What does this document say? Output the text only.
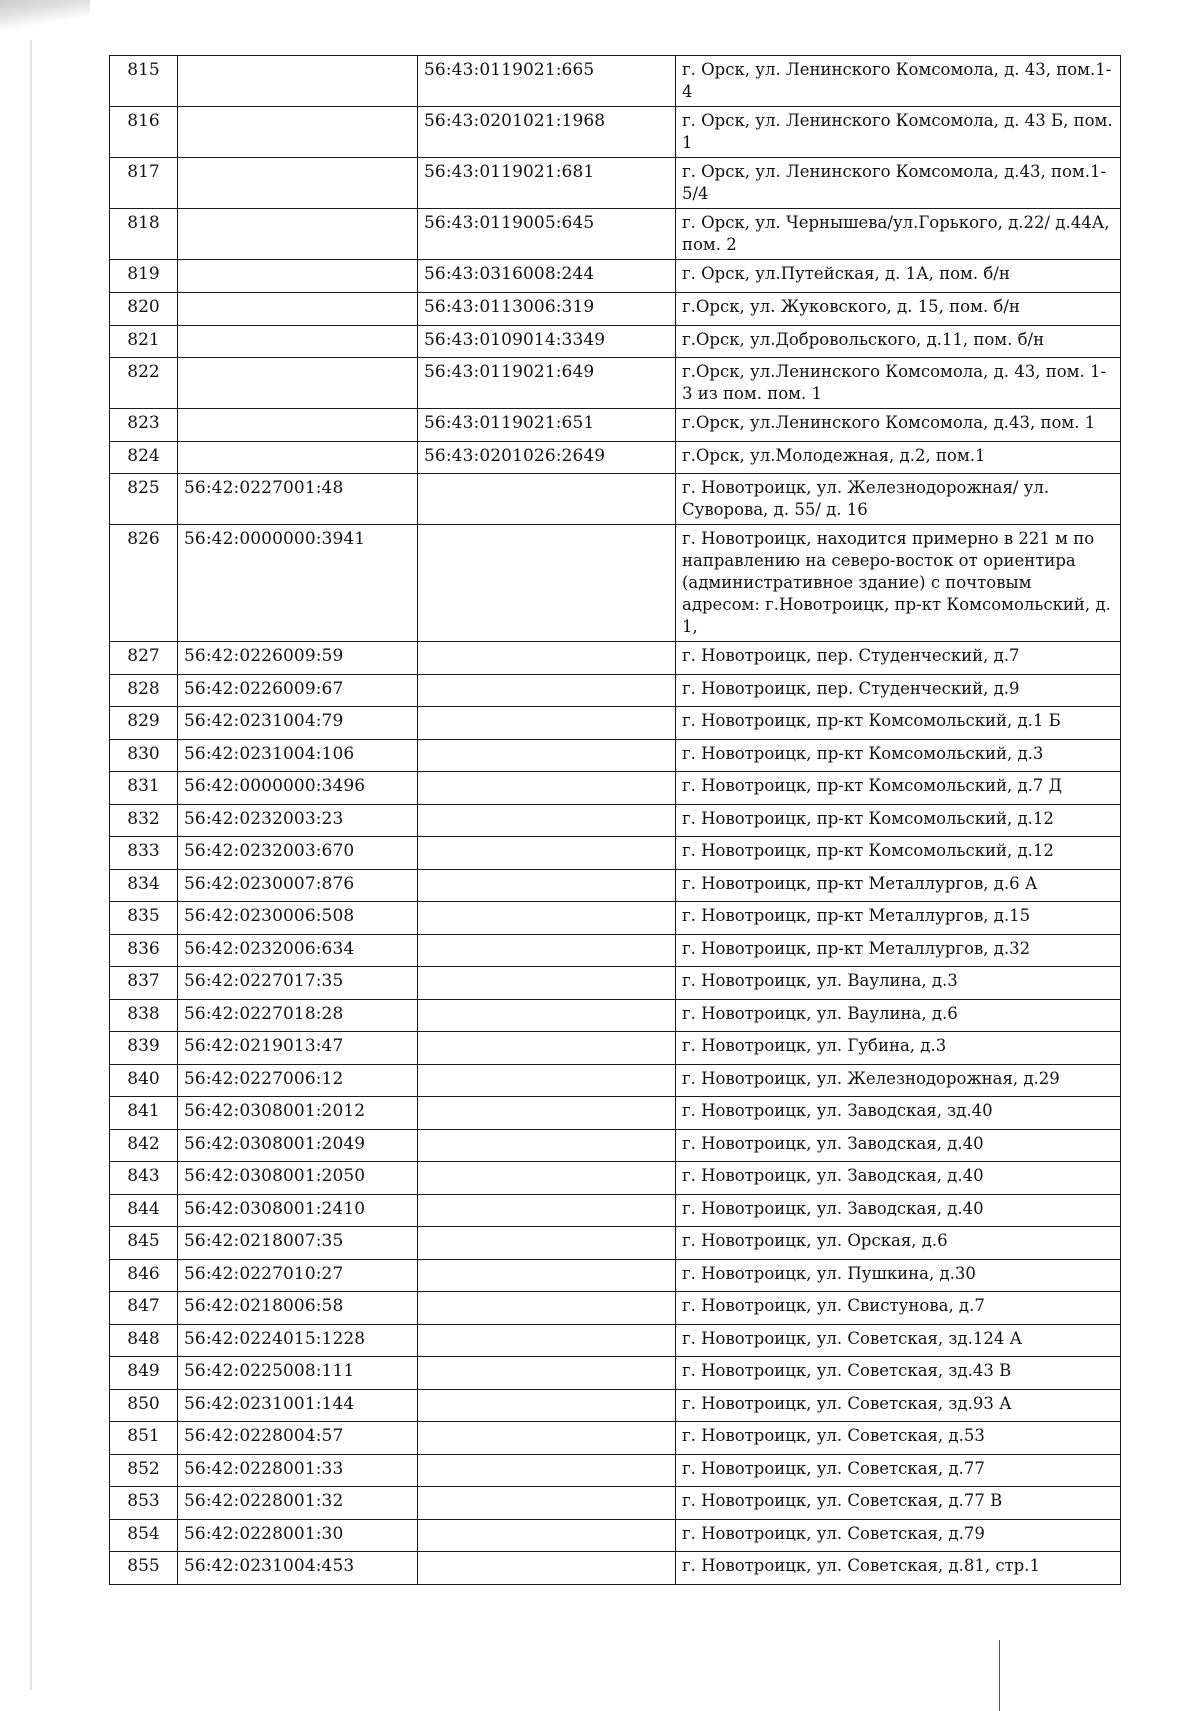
815		56:43:0119021:665	г. Орск, ул. Ленинского Комсомола, д. 43, пом.1-4
816		56:43:0201021:1968	г. Орск, ул. Ленинского Комсомола, д. 43 Б, пом. 1
817		56:43:0119021:681	г. Орск, ул. Ленинского Комсомола, д.43, пом.1-5/4
818		56:43:0119005:645	г. Орск, ул. Чернышева/ул.Горького, д.22/ д.44А, пом. 2
819		56:43:0316008:244	г. Орск, ул.Путейская, д. 1А, пом. б/н
820		56:43:0113006:319	г.Орск, ул. Жуковского, д. 15, пом. б/н
821		56:43:0109014:3349	г.Орск, ул.Добровольского, д.11, пом. б/н
822		56:43:0119021:649	г.Орск, ул.Ленинского Комсомола, д. 43, пом. 1-3 из пом. пом. 1
823		56:43:0119021:651	г.Орск, ул.Ленинского Комсомола, д.43, пом. 1
824		56:43:0201026:2649	г.Орск, ул.Молодежная, д.2, пом.1
825	56:42:0227001:48		г. Новотроицк, ул. Железнодорожная/ ул. Суворова, д. 55/ д. 16
826	56:42:0000000:3941		г. Новотроицк, находится примерно в 221 м по направлению на северо-восток от ориентира (административное здание) с почтовым адресом: г.Новотроицк, пр-кт Комсомольский, д. 1,
827	56:42:0226009:59		г. Новотроицк, пер. Студенческий, д.7
828	56:42:0226009:67		г. Новотроицк, пер. Студенческий, д.9
829	56:42:0231004:79		г. Новотроицк, пр-кт Комсомольский, д.1 Б
830	56:42:0231004:106		г. Новотроицк, пр-кт Комсомольский, д.3
831	56:42:0000000:3496		г. Новотроицк, пр-кт Комсомольский, д.7 Д
832	56:42:0232003:23		г. Новотроицк, пр-кт Комсомольский, д.12
833	56:42:0232003:670		г. Новотроицк, пр-кт Комсомольский, д.12
834	56:42:0230007:876		г. Новотроицк, пр-кт Металлургов, д.6 А
835	56:42:0230006:508		г. Новотроицк, пр-кт Металлургов, д.15
836	56:42:0232006:634		г. Новотроицк, пр-кт Металлургов, д.32
837	56:42:0227017:35		г. Новотроицк, ул. Ваулина, д.3
838	56:42:0227018:28		г. Новотроицк, ул. Ваулина, д.6
839	56:42:0219013:47		г. Новотроицк, ул. Губина, д.3
840	56:42:0227006:12		г. Новотроицк, ул. Железнодорожная, д.29
841	56:42:0308001:2012		г. Новотроицк, ул. Заводская, зд.40
842	56:42:0308001:2049		г. Новотроицк, ул. Заводская, д.40
843	56:42:0308001:2050		г. Новотроицк, ул. Заводская, д.40
844	56:42:0308001:2410		г. Новотроицк, ул. Заводская, д.40
845	56:42:0218007:35		г. Новотроицк, ул. Орская, д.6
846	56:42:0227010:27		г. Новотроицк, ул. Пушкина, д.30
847	56:42:0218006:58		г. Новотроицк, ул. Свистунова, д.7
848	56:42:0224015:1228		г. Новотроицк, ул. Советская, зд.124 А
849	56:42:0225008:111		г. Новотроицк, ул. Советская, зд.43 В
850	56:42:0231001:144		г. Новотроицк, ул. Советская, зд.93 А
851	56:42:0228004:57		г. Новотроицк, ул. Советская, д.53
852	56:42:0228001:33		г. Новотроицк, ул. Советская, д.77
853	56:42:0228001:32		г. Новотроицк, ул. Советская, д.77 В
854	56:42:0228001:30		г. Новотроицк, ул. Советская, д.79
855	56:42:0231004:453		г. Новотроицк, ул. Советская, д.81, стр.1
